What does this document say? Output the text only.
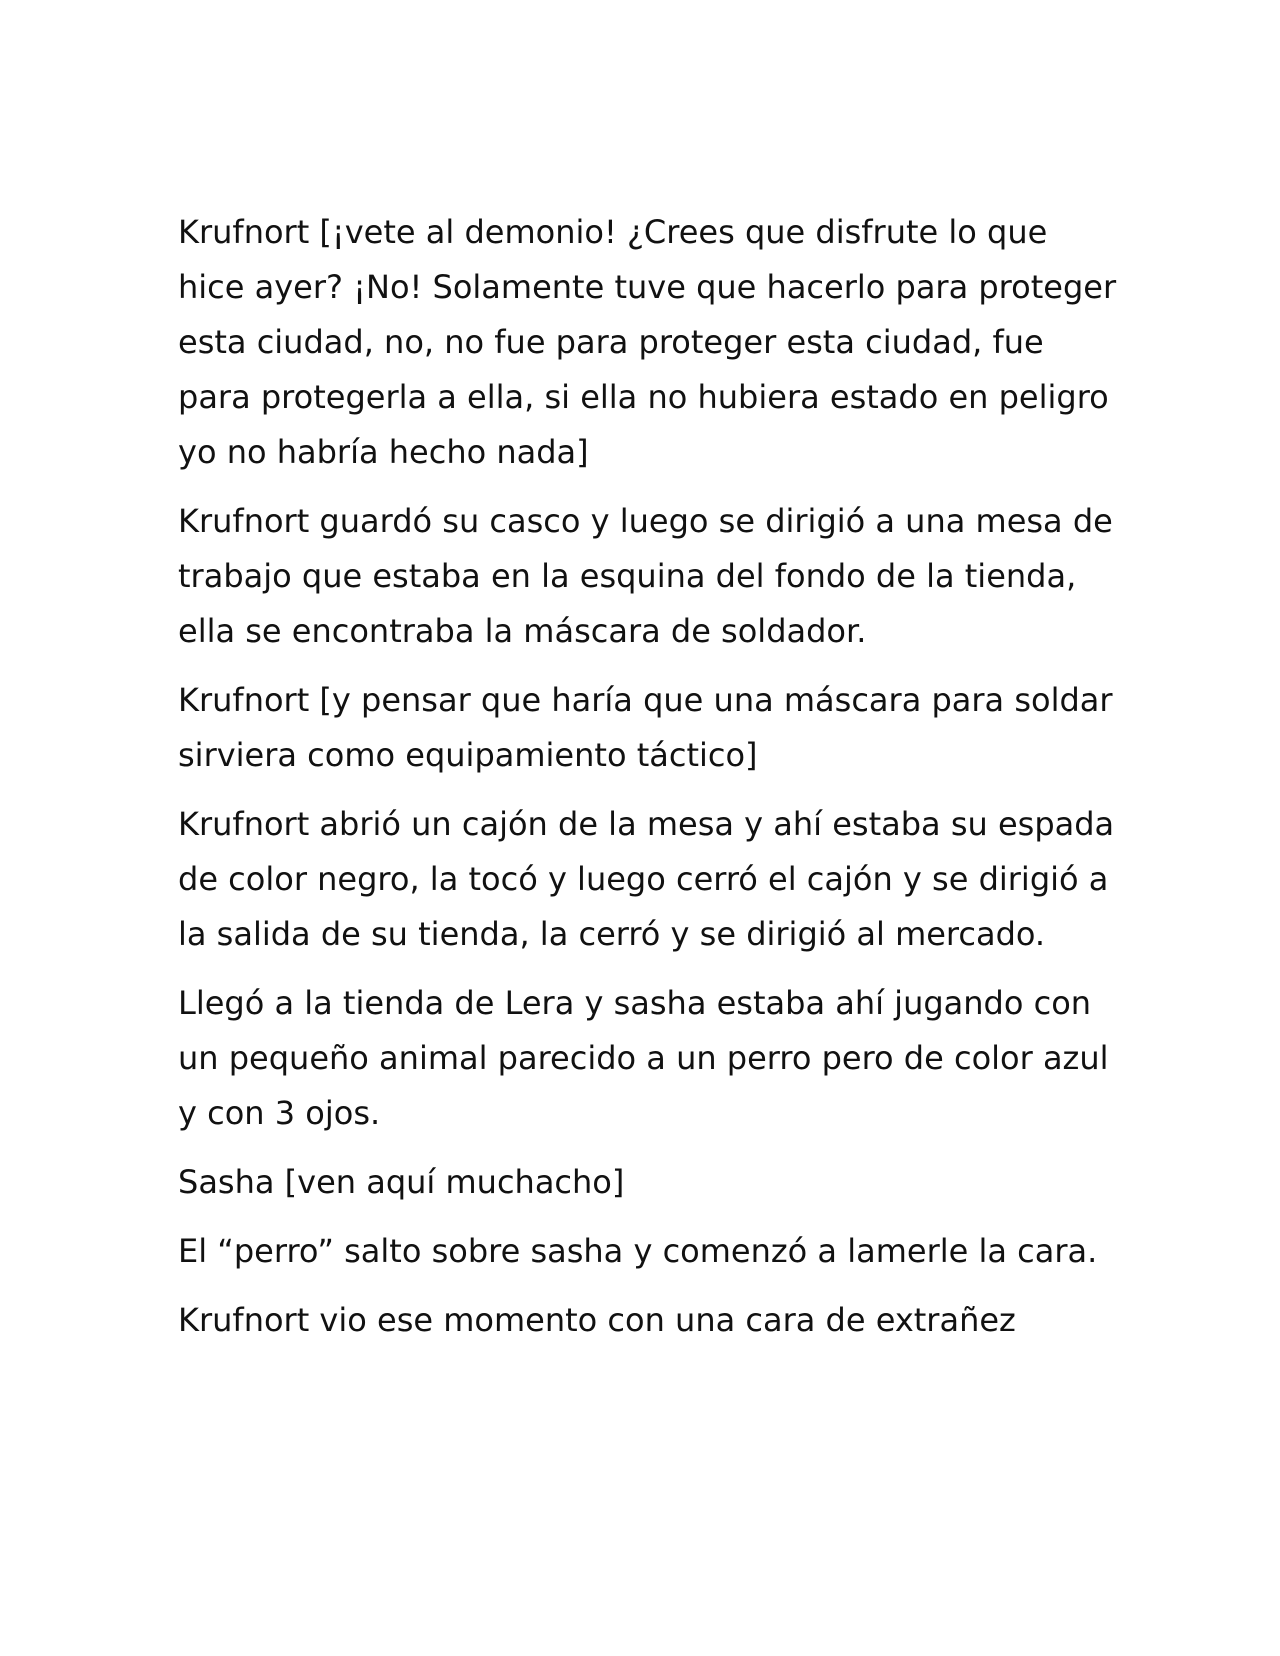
Krufnort [¡vete al demonio! ¿Crees que disfrute lo que hice ayer? ¡No! Solamente tuve que hacerlo para proteger esta ciudad, no, no fue para proteger esta ciudad, fue para protegerla a ella, si ella no hubiera estado en peligro yo no habría hecho nada]

Krufnort guardó su casco y luego se dirigió a una mesa de trabajo que estaba en la esquina del fondo de la tienda, ella se encontraba la máscara de soldador.

Krufnort [y pensar que haría que una máscara para soldar sirviera como equipamiento táctico]

Krufnort abrió un cajón de la mesa y ahí estaba su espada de color negro, la tocó y luego cerró el cajón y se dirigió a la salida de su tienda, la cerró y se dirigió al mercado.

Llegó a la tienda de Lera y sasha estaba ahí jugando con un pequeño animal parecido a un perro pero de color azul y con 3 ojos.

Sasha [ven aquí muchacho]

El “perro” salto sobre sasha y comenzó a lamerle la cara.

Krufnort vio ese momento con una cara de extrañez
